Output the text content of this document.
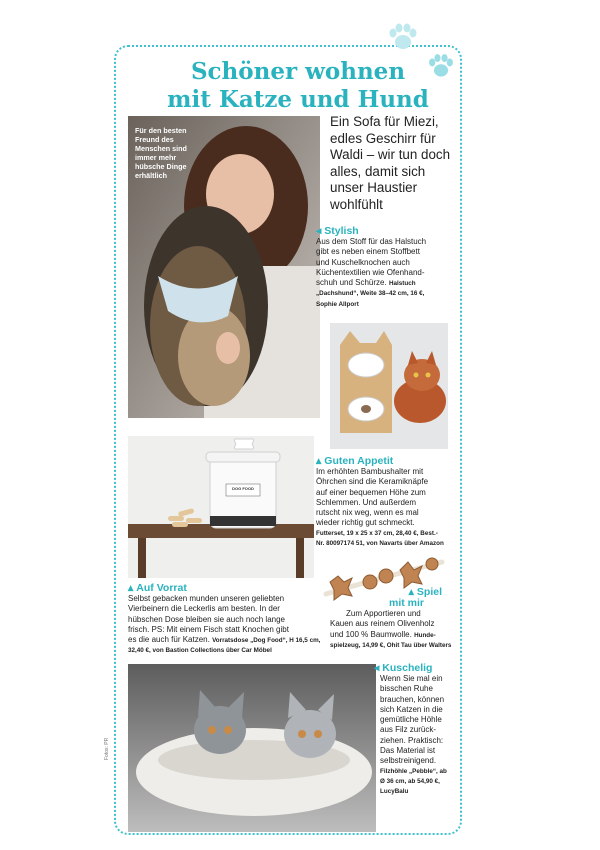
Schöner wohnen
mit Katze und Hund
Für den besten
Freund des
Menschen sind
immer mehr
hübsche Dinge
erhältlich
Ein Sofa für Miezi,
edles Geschirr für
Waldi – wir tun doch
alles, damit sich
unser Haustier
wohlfühlt
◂ Stylish
Aus dem Stoff für das Halstuch
gibt es neben einem Stoffbett
und Kuschelknochen auch
Küchentextilien wie Ofenhand-
schuh und Schürze. Halstuch
„Dachshund“, Weite 38–42 cm, 16 €,
Sophie Allport
▴ Guten Appetit
Im erhöhten Bambushalter mit
Öhrchen sind die Keramiknäpfe
auf einer bequemen Höhe zum
Schlemmen. Und außerdem
rutscht nix weg, wenn es mal
wieder richtig gut schmeckt.
Futterset, 19 x 25 x 37 cm, 28,40 €, Best.-
Nr. 80097174 51, von Navarts über Amazon
DOG FOOD
▴ Auf Vorrat
Selbst gebacken munden unseren geliebten
Vierbeinern die Leckerlis am besten. In der
hübschen Dose bleiben sie auch noch lange
frisch. PS: Mit einem Fisch statt Knochen gibt
es die auch für Katzen. Vorratsdose „Dog Food“, H 16,5 cm,
32,40 €, von Bastion Collections über Car Möbel
▴ Spiel
mit mir
Zum Apportieren und
Kauen aus reinem Olivenholz
und 100 % Baumwolle. Hunde-
spielzeug, 14,99 €, Ohit Tau über Walters
◂ Kuschelig
Wenn Sie mal ein
bisschen Ruhe
brauchen, können
sich Katzen in die
gemütliche Höhle
aus Filz zurück-
ziehen. Praktisch:
Das Material ist
selbstreinigend.
Filzhöhle „Pebble“, ab
Ø 36 cm, ab 54,90 €,
LucyBalu
Fotos: PR
